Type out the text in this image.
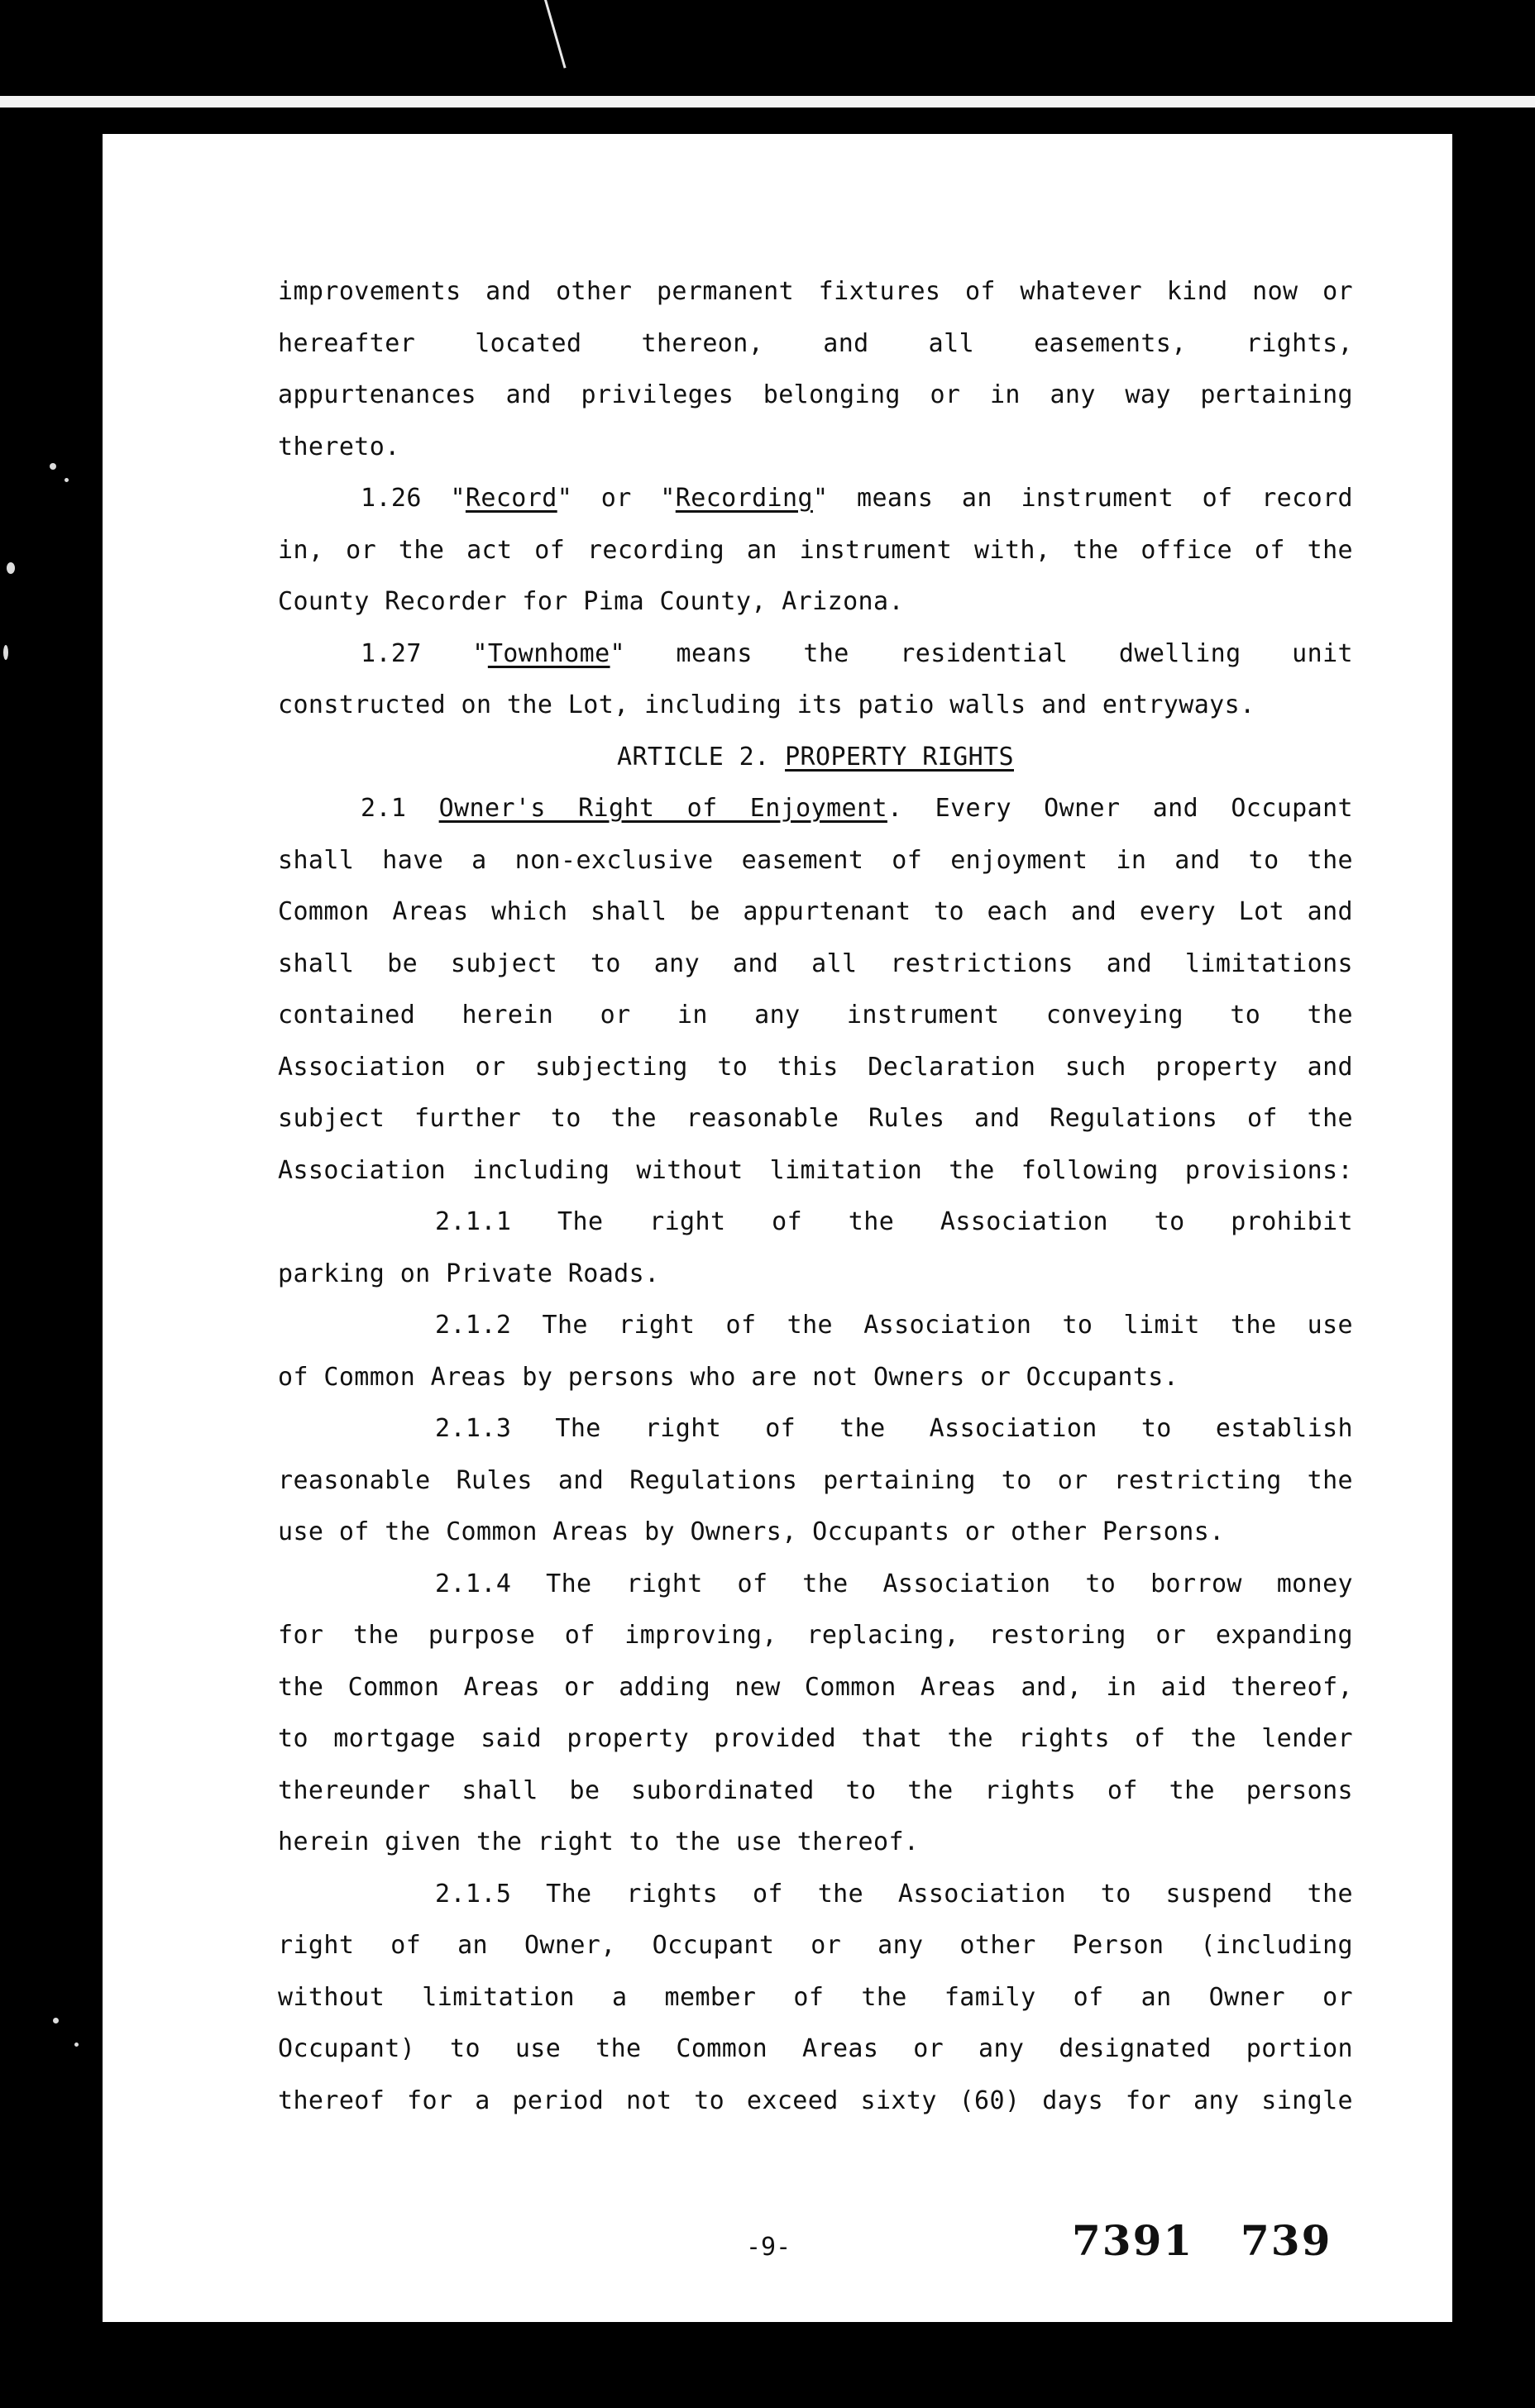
improvements and other permanent fixtures of whatever kind now or
hereafter located thereon, and all easements, rights,
appurtenances and privileges belonging or in any way pertaining
thereto.
1.26 "Record" or "Recording" means an instrument of record
in, or the act of recording an instrument with, the office of the
County Recorder for Pima County, Arizona.
1.27 "Townhome" means the residential dwelling unit
constructed on the Lot, including its patio walls and entryways.
ARTICLE 2. PROPERTY RIGHTS
2.1 Owner's Right of Enjoyment. Every Owner and Occupant
shall have a non-exclusive easement of enjoyment in and to the
Common Areas which shall be appurtenant to each and every Lot and
shall be subject to any and all restrictions and limitations
contained herein or in any instrument conveying to the
Association or subjecting to this Declaration such property and
subject further to the reasonable Rules and Regulations of the
Association including without limitation the following provisions:
2.1.1 The right of the Association to prohibit
parking on Private Roads.
2.1.2 The right of the Association to limit the use
of Common Areas by persons who are not Owners or Occupants.
2.1.3 The right of the Association to establish
reasonable Rules and Regulations pertaining to or restricting the
use of the Common Areas by Owners, Occupants or other Persons.
2.1.4 The right of the Association to borrow money
for the purpose of improving, replacing, restoring or expanding
the Common Areas or adding new Common Areas and, in aid thereof,
to mortgage said property provided that the rights of the lender
thereunder shall be subordinated to the rights of the persons
herein given the right to the use thereof.
2.1.5 The rights of the Association to suspend the
right of an Owner, Occupant or any other Person (including
without limitation a member of the family of an Owner or
Occupant) to use the Common Areas or any designated portion
thereof for a period not to exceed sixty (60) days for any single
-9-	7391 739
